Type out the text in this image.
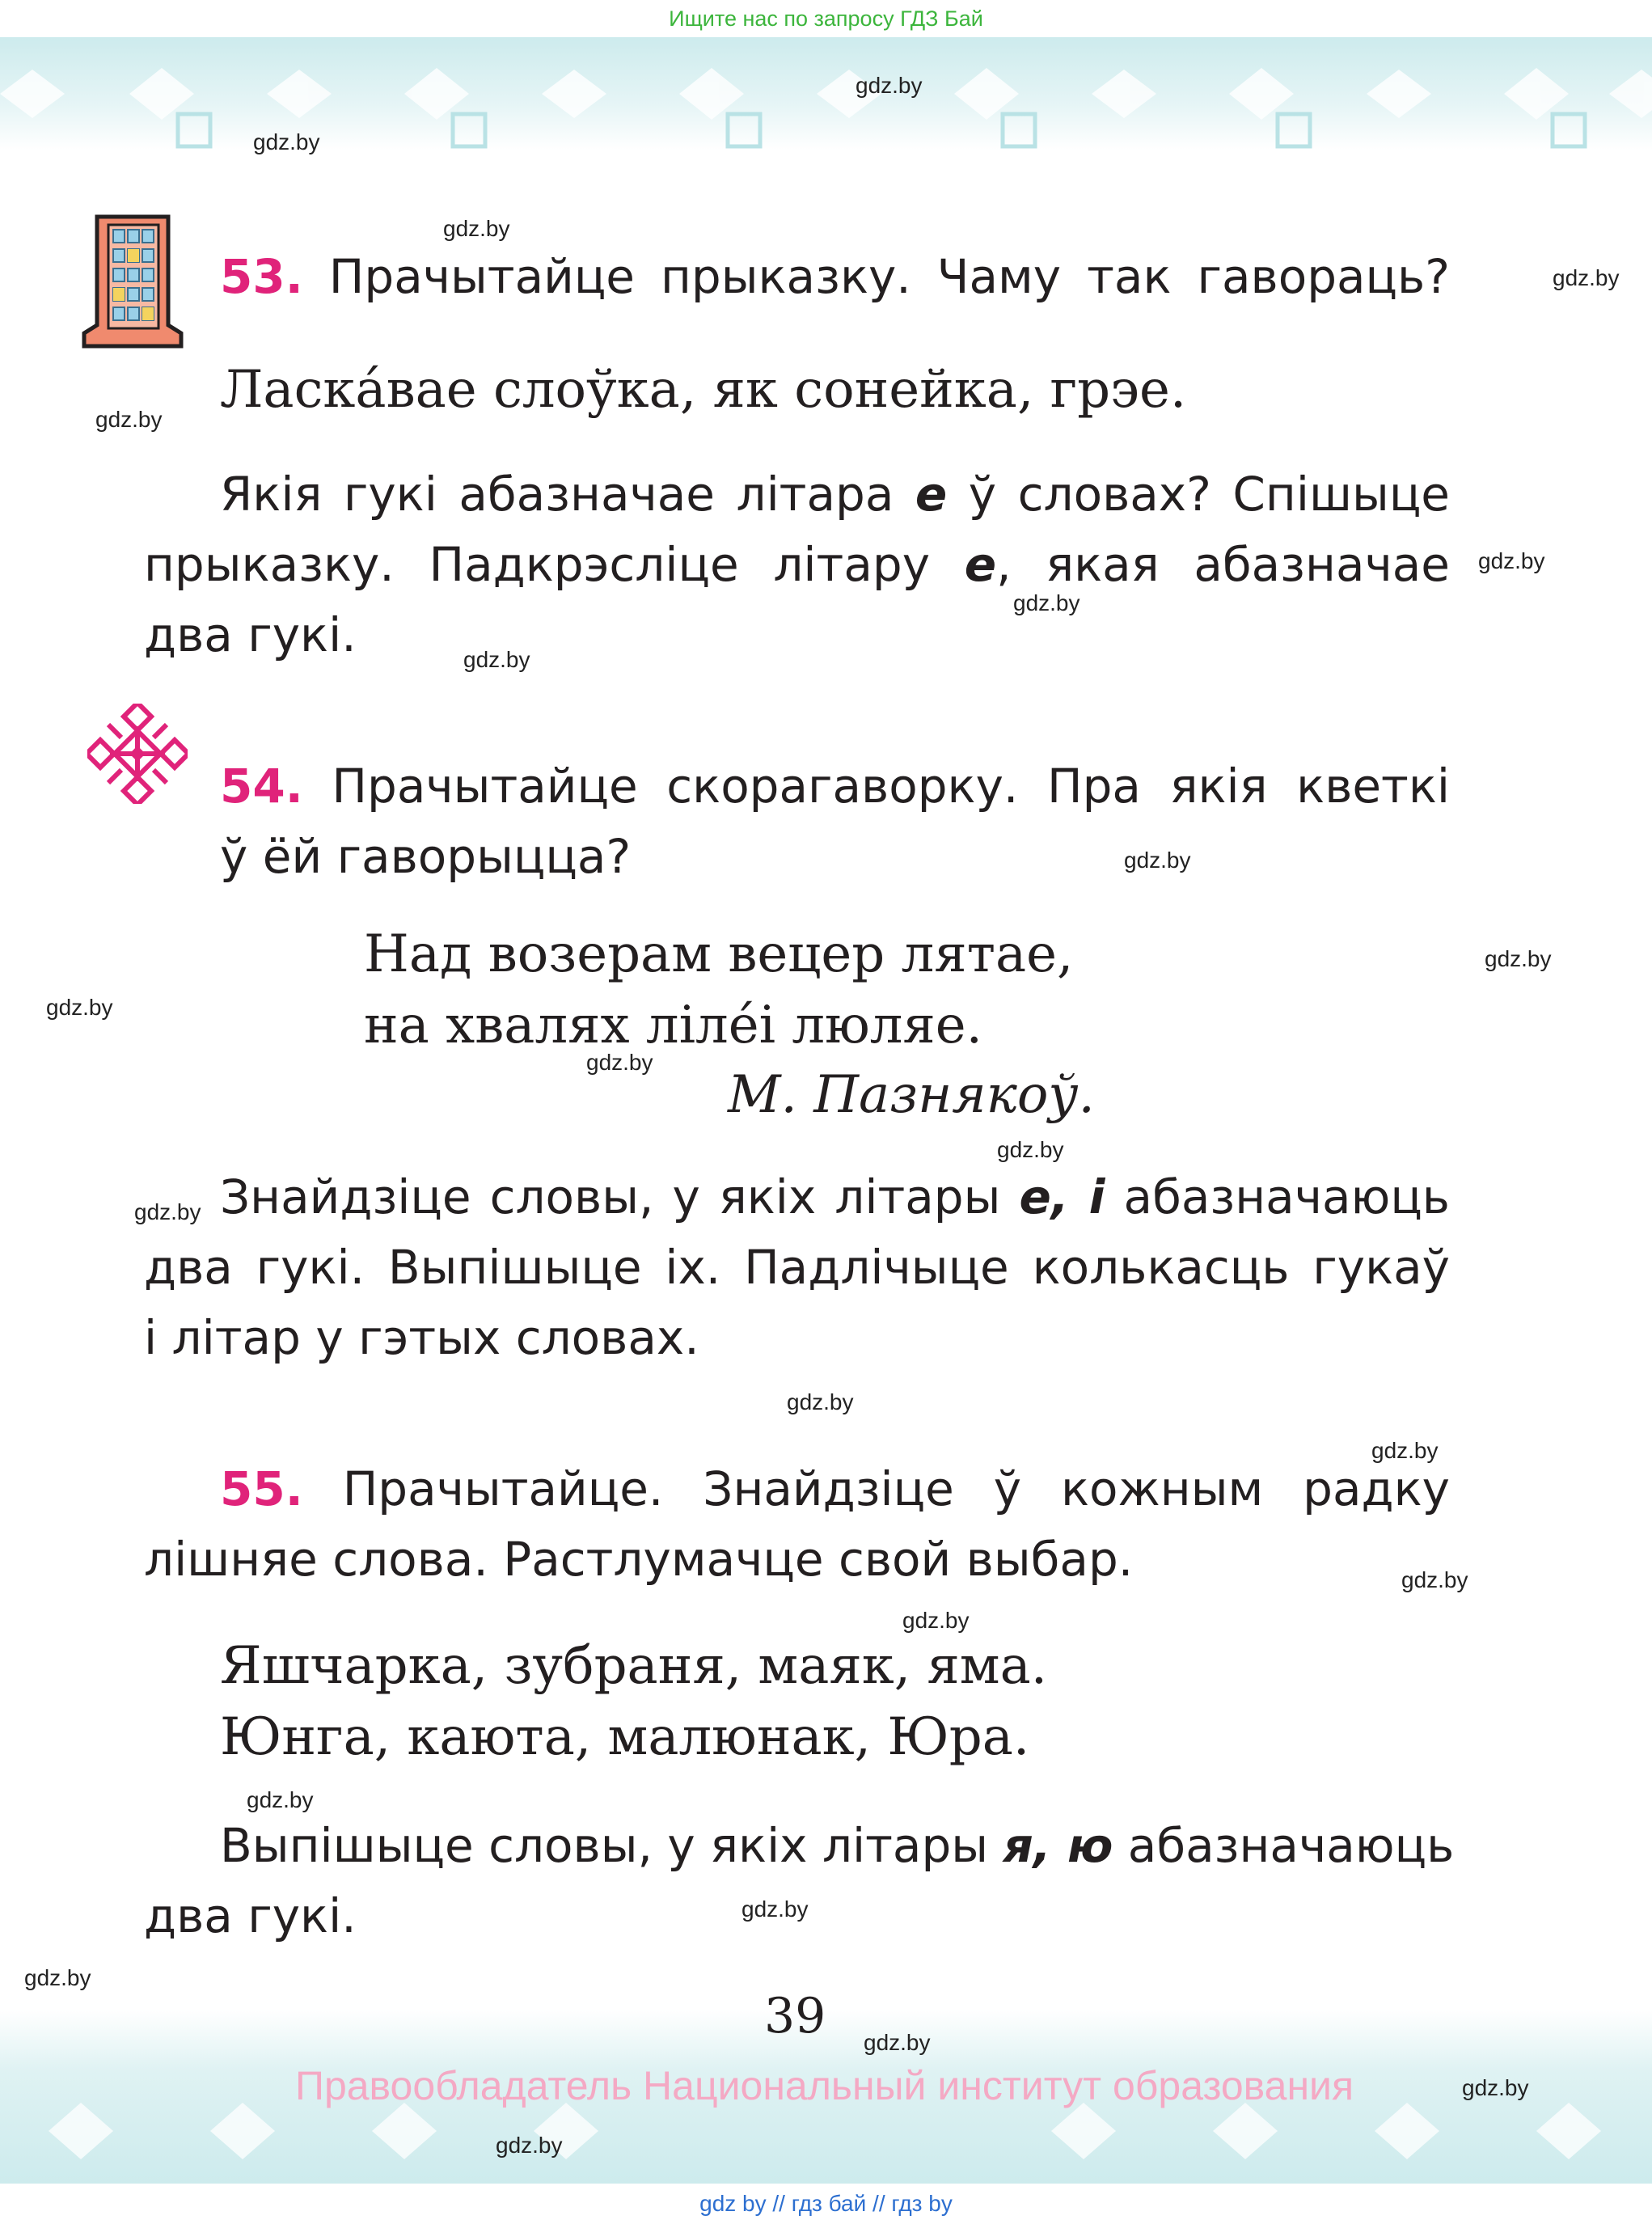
Ищите нас по запросу ГДЗ Бай
gdz by // гдз бай // гдз by
53. Прачытайце прыказку. Чаму так гавораць?
Ласка́вае слоўка, як сонейка, грэе.
Якія гукі абазначае літара е ў словах? Спішыце
прыказку. Падкрэсліце літару е, якая абазначае
два гукі.
54. Прачытайце скорагаворку. Пра якія кветкі
ў ёй гаворыцца?
Над возерам вецер лятае,
на хвалях ліле́і люляе.
М. Пазнякоў.
Знайдзіце словы, у якіх літары е, і абазначаюць
два гукі. Выпішыце іх. Падлічыце колькасць гукаў
і літар у гэтых словах.
55. Прачытайце. Знайдзіце ў кожным радку
лішняе слова. Растлумачце свой выбар.
Яшчарка, зубраня, маяк, яма.
Юнга, каюта, малюнак, Юра.
Выпішыце словы, у якіх літары я, ю абазначаюць
два гукі.
39
Правообладатель Национальный институт образования
gdz.by
gdz.by
gdz.by
gdz.by
gdz.by
gdz.by
gdz.by
gdz.by
gdz.by
gdz.by
gdz.by
gdz.by
gdz.by
gdz.by
gdz.by
gdz.by
gdz.by
gdz.by
gdz.by
gdz.by
gdz.by
gdz.by
gdz.by
gdz.by
